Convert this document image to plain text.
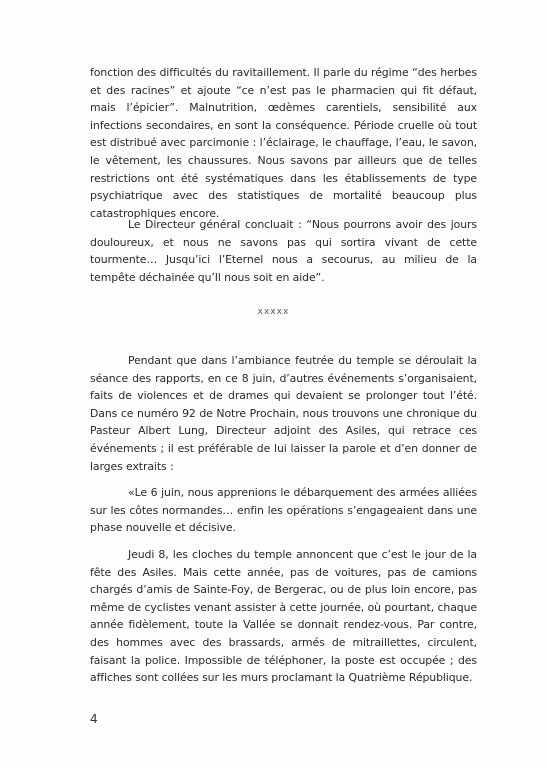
fonction des difficultés du ravitaillement. Il parle du régime “des herbes et des racines” et ajoute “ce n’est pas le pharmacien qui fit défaut, mais l’épicier”. Malnutrition, œdèmes carentiels, sensibilité aux infections secondaires, en sont la conséquence. Période cruelle où tout est distribué avec parcimonie : l’éclairage, le chauffage, l’eau, le savon, le vêtement, les chaussures. Nous savons par ailleurs que de telles restrictions ont été systématiques dans les établissements de type psychiatrique avec des statistiques de mortalité beaucoup plus catastrophiques encore.
Le Directeur général concluait : “Nous pourrons avoir des jours douloureux, et nous ne savons pas qui sortira vivant de cette tourmente… Jusqu’ici l’Eternel nous a secourus, au milieu de la tempête déchainée qu’Il nous soit en aide”.
xxxxx
Pendant que dans l’ambiance feutrée du temple se déroulait la séance des rapports, en ce 8 juin, d’autres événements s’organisaient, faits de violences et de drames qui devaient se prolonger tout l’été. Dans ce numéro 92 de Notre Prochain, nous trouvons une chronique du Pasteur Albert Lung, Directeur adjoint des Asiles, qui retrace ces événements ; il est préférable de lui laisser la parole et d’en donner de larges extraits :
«Le 6 juin, nous apprenions le débarquement des armées alliées sur les côtes normandes… enfin les opérations s’engageaient dans une phase nouvelle et décisive.
Jeudi 8, les cloches du temple annoncent que c’est le jour de la fête des Asiles. Mais cette année, pas de voitures, pas de camions chargés d’amis de Sainte-Foy, de Bergerac, ou de plus loin encore, pas même de cyclistes venant assister à cette journée, où pourtant, chaque année fidèlement, toute la Vallée se donnait rendez-vous. Par contre, des hommes avec des brassards, armés de mitraillettes, circulent, faisant la police. Impossible de téléphoner, la poste est occupée ; des affiches sont collées sur les murs proclamant la Quatrième République.
4
